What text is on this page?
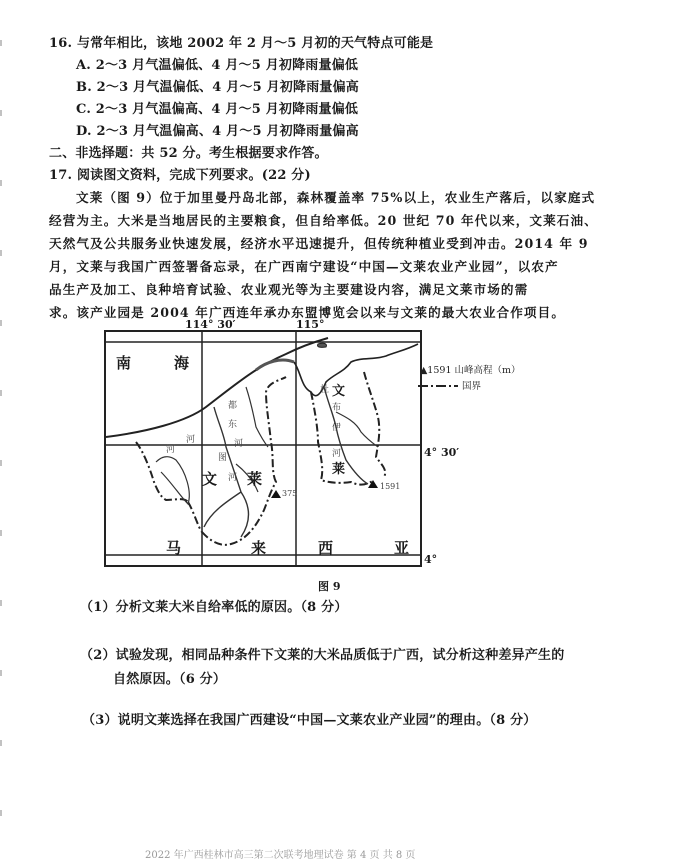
16. 与常年相比，该地 2002 年 2 月～5 月初的天气特点可能是
A. 2～3 月气温偏低、4 月～5 月初降雨量偏低
B. 2～3 月气温偏低、4 月～5 月初降雨量偏高
C. 2～3 月气温偏高、4 月～5 月初降雨量偏低
D. 2～3 月气温偏高、4 月～5 月初降雨量偏高
二、非选择题：共 52 分。考生根据要求作答。
17. 阅读图文资料，完成下列要求。(22 分)
文莱（图 9）位于加里曼丹岛北部，森林覆盖率 75%以上，农业生产落后，以家庭式
经营为主。大米是当地居民的主要粮食，但自给率低。20 世纪 70 年代以来，文莱石油、
天然气及公共服务业快速发展，经济水平迅速提升，但传统种植业受到冲击。2014 年 9
月，文莱与我国广西签署备忘录，在广西南宁建设“中国—文莱农业产业园”，以农产
品生产及加工、良种培育试验、农业观光等为主要建设内容，满足文莱市场的需
求。该产业园是 2004 年广西连年承办东盟博览会以来与文莱的最大农业合作项目。
114° 30′	115°
4° 30′
4°
南	海
文 莱
文
莱
马	来	西	亚
都
东
河
杜
布
伊
河
图
河
河
河
375
1591
▲1591 山峰高程（m）
国界
图 9
（1）分析文莱大米自给率低的原因。（8 分）
（2）试验发现，相同品种条件下文莱的大米品质低于广西，试分析这种差异产生的
自然原因。（6 分）
（3）说明文莱选择在我国广西建设“中国—文莱农业产业园”的理由。（8 分）
2022 年广西桂林市高三第二次联考地理试卷 第 4 页 共 8 页
